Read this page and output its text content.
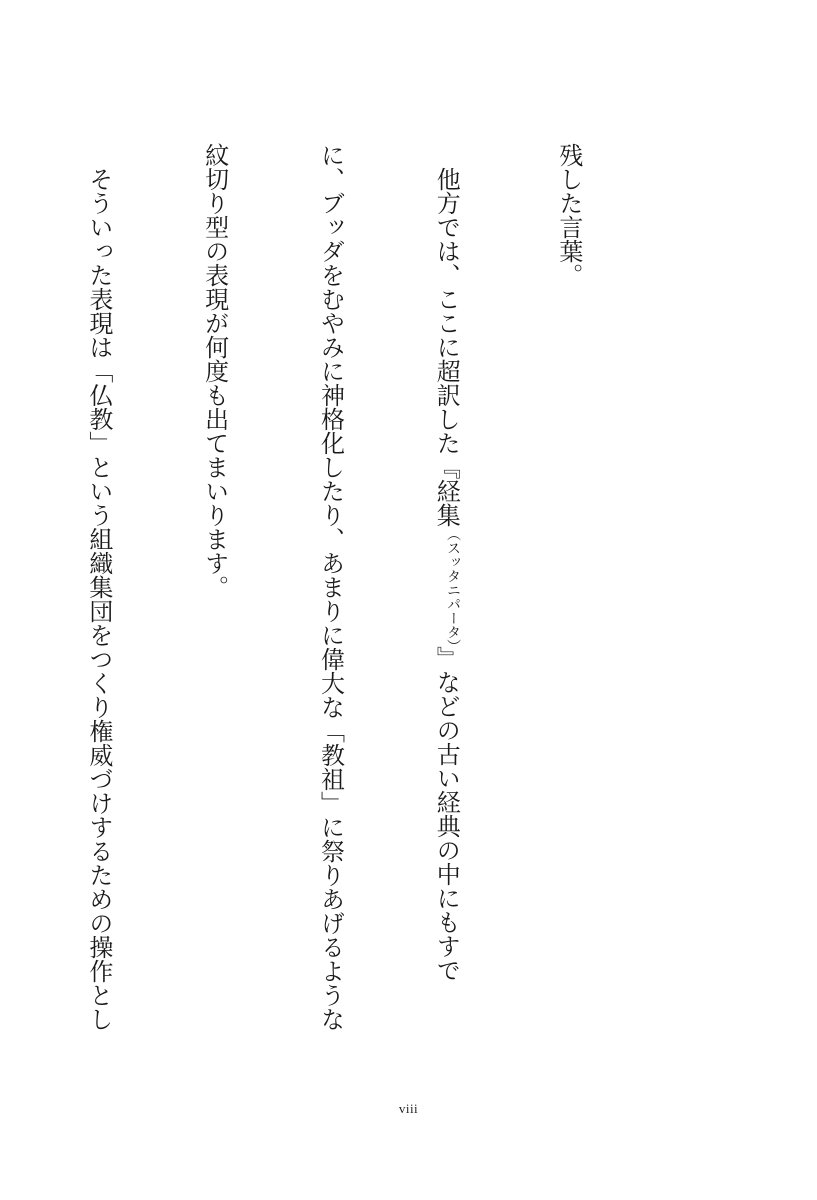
残した言葉。

　他方では、ここに超訳した『経集（スッタニパータ）』などの古い経典の中にもすで

に、ブッダをむやみに神格化したり、あまりに偉大な「教祖」に祭りあげるような

紋切り型の表現が何度も出てまいります。

　そういった表現は「仏教」という組織集団をつくり権威づけするための操作とし

viii
